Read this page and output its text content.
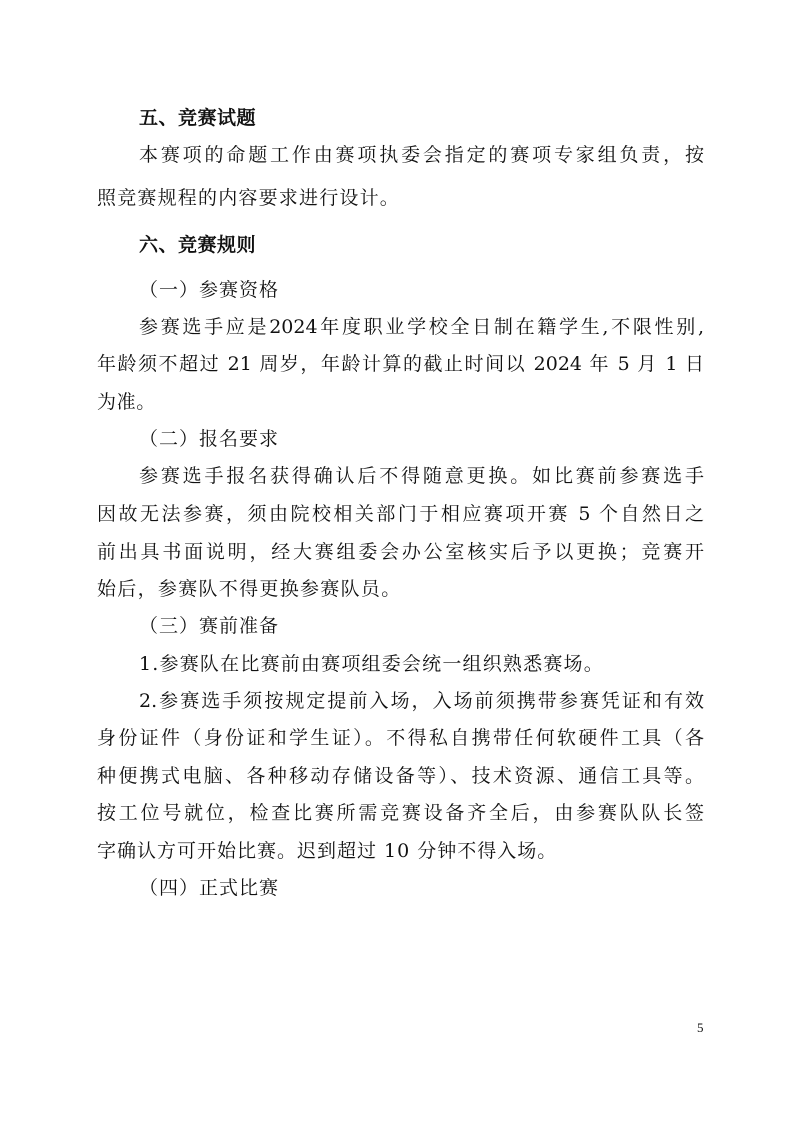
五、竞赛试题
本赛项的命题工作由赛项执委会指定的赛项专家组负责，按
照竞赛规程的内容要求进行设计。
六、竞赛规则
（一）参赛资格
参赛选手应是2024年度职业学校全日制在籍学生,不限性别,
年龄须不超过 21 周岁，年龄计算的截止时间以 2024 年 5 月 1 日
为准。
（二）报名要求
参赛选手报名获得确认后不得随意更换。如比赛前参赛选手
因故无法参赛，须由院校相关部门于相应赛项开赛 5 个自然日之
前出具书面说明，经大赛组委会办公室核实后予以更换；竞赛开
始后，参赛队不得更换参赛队员。
（三）赛前准备
1.参赛队在比赛前由赛项组委会统一组织熟悉赛场。
2.参赛选手须按规定提前入场，入场前须携带参赛凭证和有效
身份证件（身份证和学生证）。不得私自携带任何软硬件工具（各
种便携式电脑、各种移动存储设备等）、技术资源、通信工具等。
按工位号就位，检查比赛所需竞赛设备齐全后，由参赛队队长签
字确认方可开始比赛。迟到超过 10 分钟不得入场。
（四）正式比赛
5
